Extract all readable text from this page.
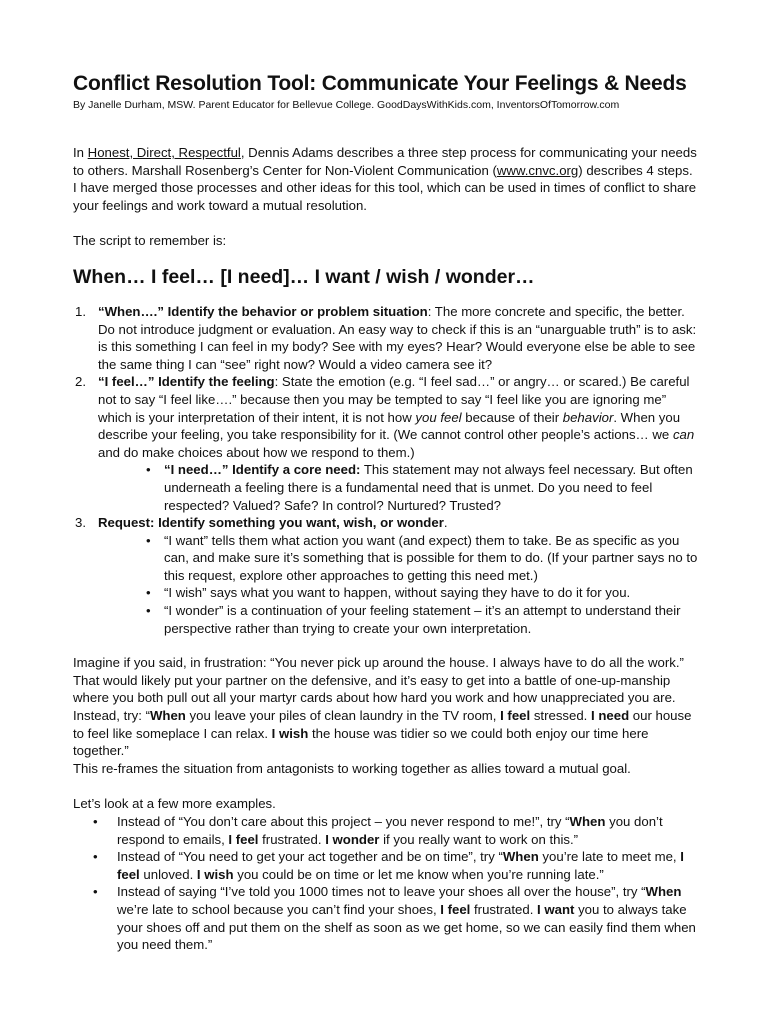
Conflict Resolution Tool: Communicate Your Feelings & Needs
By Janelle Durham, MSW. Parent Educator for Bellevue College. GoodDaysWithKids.com, InventorsOfTomorrow.com

In Honest, Direct, Respectful, Dennis Adams describes a three step process for communicating your needs to others. Marshall Rosenberg’s Center for Non-Violent Communication (www.cnvc.org) describes 4 steps. I have merged those processes and other ideas for this tool, which can be used in times of conflict to share your feelings and work toward a mutual resolution.

The script to remember is:

When… I feel… [I need]… I want / wish / wonder…

1. “When….” Identify the behavior or problem situation: The more concrete and specific, the better. Do not introduce judgment or evaluation. An easy way to check if this is an “unarguable truth” is to ask: is this something I can feel in my body? See with my eyes? Hear? Would everyone else be able to see the same thing I can “see” right now? Would a video camera see it?
2. “I feel…” Identify the feeling: State the emotion (e.g. “I feel sad…” or angry… or scared.) Be careful not to say “I feel like….” because then you may be tempted to say “I feel like you are ignoring me” which is your interpretation of their intent, it is not how you feel because of their behavior. When you describe your feeling, you take responsibility for it. (We cannot control other people’s actions… we can and do make choices about how we respond to them.)
• “I need…” Identify a core need: This statement may not always feel necessary. But often underneath a feeling there is a fundamental need that is unmet. Do you need to feel respected? Valued? Safe? In control? Nurtured? Trusted?
3. Request: Identify something you want, wish, or wonder.
• “I want” tells them what action you want (and expect) them to take. Be as specific as you can, and make sure it’s something that is possible for them to do. (If your partner says no to this request, explore other approaches to getting this need met.)
• “I wish” says what you want to happen, without saying they have to do it for you.
• “I wonder” is a continuation of your feeling statement – it’s an attempt to understand their perspective rather than trying to create your own interpretation.

Imagine if you said, in frustration: “You never pick up around the house. I always have to do all the work.” That would likely put your partner on the defensive, and it’s easy to get into a battle of one-up-manship where you both pull out all your martyr cards about how hard you work and how unappreciated you are. Instead, try: “When you leave your piles of clean laundry in the TV room, I feel stressed. I need our house to feel like someplace I can relax. I wish the house was tidier so we could both enjoy our time here together.”

This re-frames the situation from antagonists to working together as allies toward a mutual goal.

Let’s look at a few more examples.

• Instead of “You don’t care about this project – you never respond to me!”, try “When you don’t respond to emails, I feel frustrated. I wonder if you really want to work on this.”
• Instead of “You need to get your act together and be on time”, try “When you’re late to meet me, I feel unloved. I wish you could be on time or let me know when you’re running late.”
• Instead of saying “I’ve told you 1000 times not to leave your shoes all over the house”, try “When we’re late to school because you can’t find your shoes, I feel frustrated. I want you to always take your shoes off and put them on the shelf as soon as we get home, so we can easily find them when you need them.”
